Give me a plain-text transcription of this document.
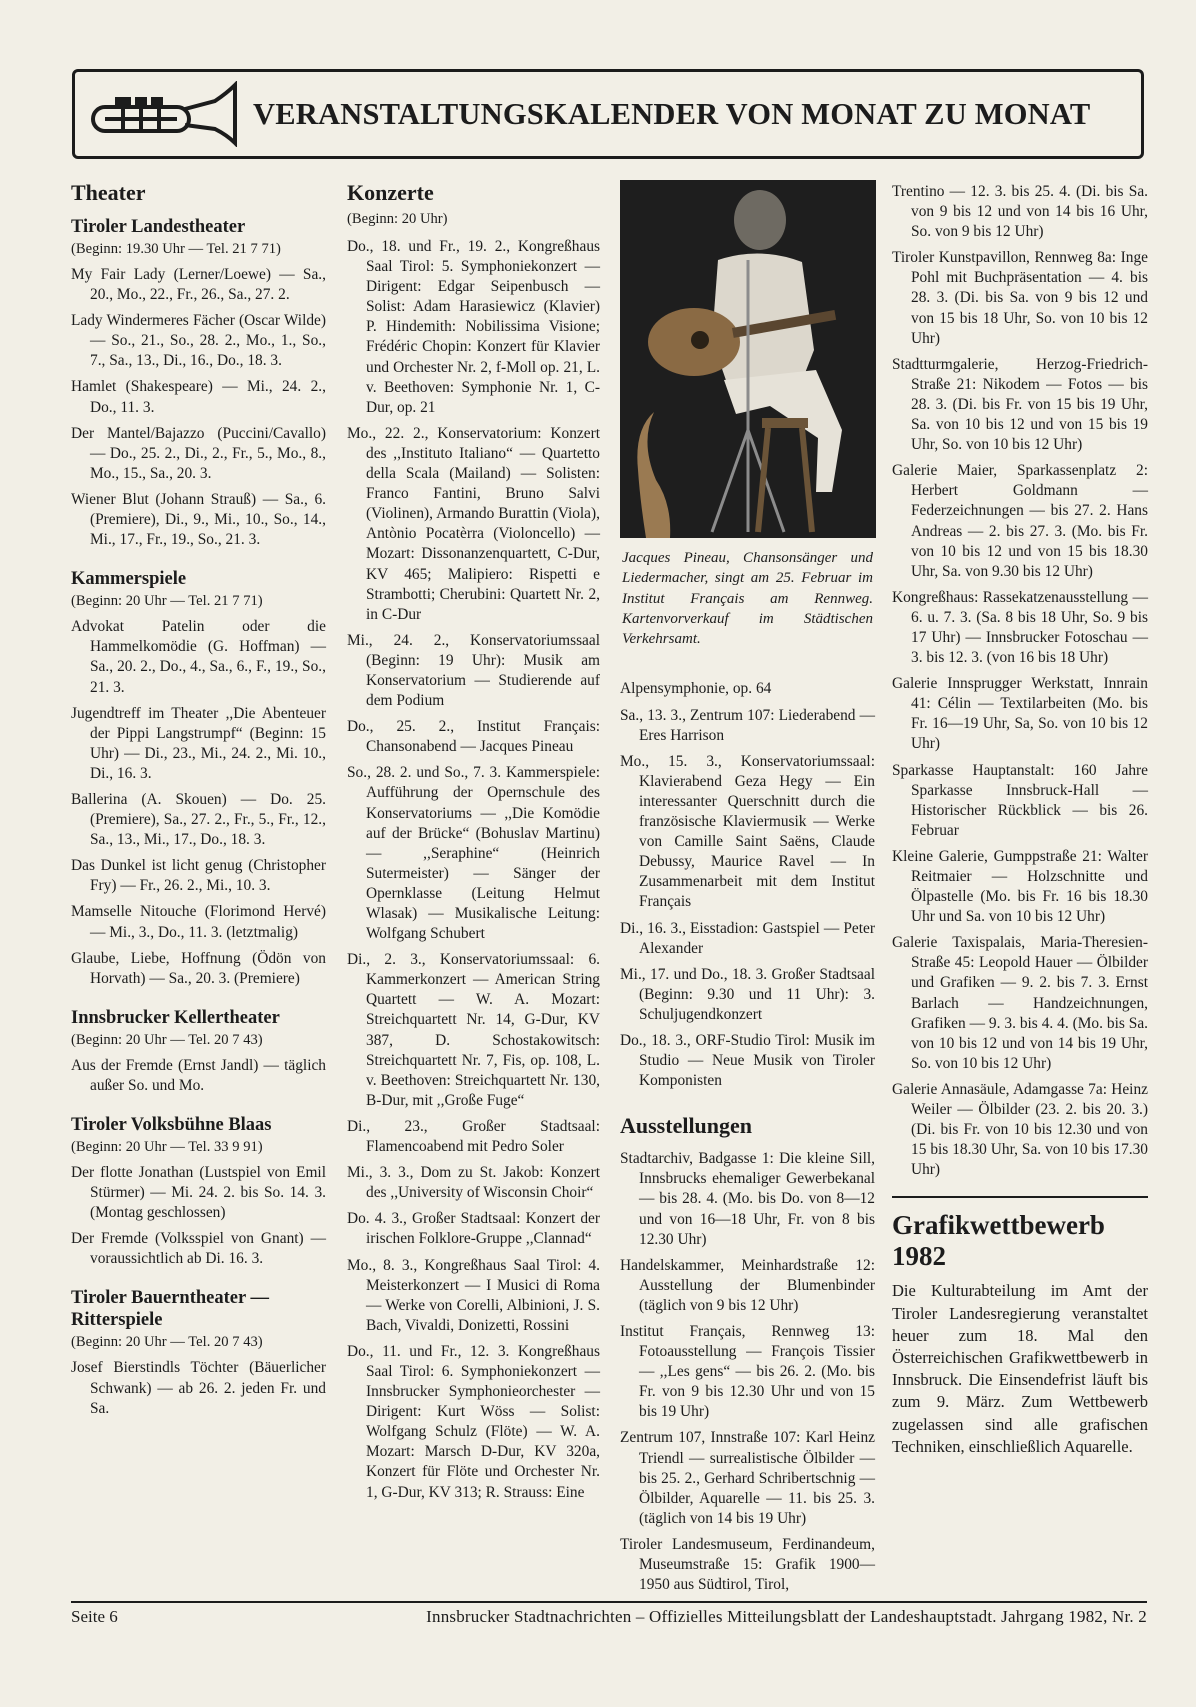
VERANSTALTUNGSKALENDER VON MONAT ZU MONAT
Theater
Tiroler Landestheater
(Beginn: 19.30 Uhr — Tel. 21 7 71)
My Fair Lady (Lerner/Loewe) — Sa., 20., Mo., 22., Fr., 26., Sa., 27. 2.
Lady Windermeres Fächer (Oscar Wilde) — So., 21., So., 28. 2., Mo., 1., So., 7., Sa., 13., Di., 16., Do., 18. 3.
Hamlet (Shakespeare) — Mi., 24. 2., Do., 11. 3.
Der Mantel/Bajazzo (Puccini/Cavallo) — Do., 25. 2., Di., 2., Fr., 5., Mo., 8., Mo., 15., Sa., 20. 3.
Wiener Blut (Johann Strauß) — Sa., 6. (Premiere), Di., 9., Mi., 10., So., 14., Mi., 17., Fr., 19., So., 21. 3.
Kammerspiele
(Beginn: 20 Uhr — Tel. 21 7 71)
Advokat Patelin oder die Hammelkomödie (G. Hoffman) — Sa., 20. 2., Do., 4., Sa., 6., F., 19., So., 21. 3.
Jugendtreff im Theater ,,Die Abenteuer der Pippi Langstrumpf“ (Beginn: 15 Uhr) — Di., 23., Mi., 24. 2., Mi. 10., Di., 16. 3.
Ballerina (A. Skouen) — Do. 25. (Premiere), Sa., 27. 2., Fr., 5., Fr., 12., Sa., 13., Mi., 17., Do., 18. 3.
Das Dunkel ist licht genug (Christopher Fry) — Fr., 26. 2., Mi., 10. 3.
Mamselle Nitouche (Florimond Hervé) — Mi., 3., Do., 11. 3. (letztmalig)
Glaube, Liebe, Hoffnung (Ödön von Horvath) — Sa., 20. 3. (Premiere)
Innsbrucker Kellertheater
(Beginn: 20 Uhr — Tel. 20 7 43)
Aus der Fremde (Ernst Jandl) — täglich außer So. und Mo.
Tiroler Volksbühne Blaas
(Beginn: 20 Uhr — Tel. 33 9 91)
Der flotte Jonathan (Lustspiel von Emil Stürmer) — Mi. 24. 2. bis So. 14. 3. (Montag geschlossen)
Der Fremde (Volksspiel von Gnant) — voraussichtlich ab Di. 16. 3.
Tiroler Bauerntheater — Ritterspiele
(Beginn: 20 Uhr — Tel. 20 7 43)
Josef Bierstindls Töchter (Bäuerlicher Schwank) — ab 26. 2. jeden Fr. und Sa.
Konzerte
(Beginn: 20 Uhr)
Do., 18. und Fr., 19. 2., Kongreßhaus Saal Tirol: 5. Symphoniekonzert — Dirigent: Edgar Seipenbusch — Solist: Adam Harasiewicz (Klavier) P. Hindemith: Nobilissima Visione; Frédéric Chopin: Konzert für Klavier und Orchester Nr. 2, f-Moll op. 21, L. v. Beethoven: Symphonie Nr. 1, C-Dur, op. 21
Mo., 22. 2., Konservatorium: Konzert des ,,Instituto Italiano“ — Quartetto della Scala (Mailand) — Solisten: Franco Fantini, Bruno Salvi (Violinen), Armando Burattin (Viola), Antònio Pocatèrra (Violoncello) — Mozart: Dissonanzenquartett, C-Dur, KV 465; Malipiero: Rispetti e Strambotti; Cherubini: Quartett Nr. 2, in C-Dur
Mi., 24. 2., Konservatoriumssaal (Beginn: 19 Uhr): Musik am Konservatorium — Studierende auf dem Podium
Do., 25. 2., Institut Français: Chansonabend — Jacques Pineau
So., 28. 2. und So., 7. 3. Kammerspiele: Aufführung der Opernschule des Konservatoriums — ,,Die Komödie auf der Brücke“ (Bohuslav Martinu) — ,,Seraphine“ (Heinrich Sutermeister) — Sänger der Opernklasse (Leitung Helmut Wlasak) — Musikalische Leitung: Wolfgang Schubert
Di., 2. 3., Konservatoriumssaal: 6. Kammerkonzert — American String Quartett — W. A. Mozart: Streichquartett Nr. 14, G-Dur, KV 387, D. Schostakowitsch: Streichquartett Nr. 7, Fis, op. 108, L. v. Beethoven: Streichquartett Nr. 130, B-Dur, mit ,,Große Fuge“
Di., 23., Großer Stadtsaal: Flamencoabend mit Pedro Soler
Mi., 3. 3., Dom zu St. Jakob: Konzert des ,,University of Wisconsin Choir“
Do. 4. 3., Großer Stadtsaal: Konzert der irischen Folklore-Gruppe ,,Clannad“
Mo., 8. 3., Kongreßhaus Saal Tirol: 4. Meisterkonzert — I Musici di Roma — Werke von Corelli, Albinioni, J. S. Bach, Vivaldi, Donizetti, Rossini
Do., 11. und Fr., 12. 3. Kongreßhaus Saal Tirol: 6. Symphoniekonzert — Innsbrucker Symphonieorchester — Dirigent: Kurt Wöss — Solist: Wolfgang Schulz (Flöte) — W. A. Mozart: Marsch D-Dur, KV 320a, Konzert für Flöte und Orchester Nr. 1, G-Dur, KV 313; R. Strauss: Eine
Jacques Pineau, Chansonsänger und Liedermacher, singt am 25. Februar im Institut Français am Rennweg. Kartenvorverkauf im Städtischen Verkehrsamt.
Alpensymphonie, op. 64
Sa., 13. 3., Zentrum 107: Liederabend — Eres Harrison
Mo., 15. 3., Konservatoriumssaal: Klavierabend Geza Hegy — Ein interessanter Querschnitt durch die französische Klaviermusik — Werke von Camille Saint Saëns, Claude Debussy, Maurice Ravel — In Zusammenarbeit mit dem Institut Français
Di., 16. 3., Eisstadion: Gastspiel — Peter Alexander
Mi., 17. und Do., 18. 3. Großer Stadtsaal (Beginn: 9.30 und 11 Uhr): 3. Schuljugendkonzert
Do., 18. 3., ORF-Studio Tirol: Musik im Studio — Neue Musik von Tiroler Komponisten
Ausstellungen
Stadtarchiv, Badgasse 1: Die kleine Sill, Innsbrucks ehemaliger Gewerbekanal — bis 28. 4. (Mo. bis Do. von 8—12 und von 16—18 Uhr, Fr. von 8 bis 12.30 Uhr)
Handelskammer, Meinhardstraße 12: Ausstellung der Blumenbinder (täglich von 9 bis 12 Uhr)
Institut Français, Rennweg 13: Fotoausstellung — François Tissier — ,,Les gens“ — bis 26. 2. (Mo. bis Fr. von 9 bis 12.30 Uhr und von 15 bis 19 Uhr)
Zentrum 107, Innstraße 107: Karl Heinz Triendl — surrealistische Ölbilder — bis 25. 2., Gerhard Schribertschnig — Ölbilder, Aquarelle — 11. bis 25. 3. (täglich von 14 bis 19 Uhr)
Tiroler Landesmuseum, Ferdinandeum, Museumstraße 15: Grafik 1900—1950 aus Südtirol, Tirol,
Trentino — 12. 3. bis 25. 4. (Di. bis Sa. von 9 bis 12 und von 14 bis 16 Uhr, So. von 9 bis 12 Uhr)
Tiroler Kunstpavillon, Rennweg 8a: Inge Pohl mit Buchpräsentation — 4. bis 28. 3. (Di. bis Sa. von 9 bis 12 und von 15 bis 18 Uhr, So. von 10 bis 12 Uhr)
Stadtturmgalerie, Herzog-Friedrich-Straße 21: Nikodem — Fotos — bis 28. 3. (Di. bis Fr. von 15 bis 19 Uhr, Sa. von 10 bis 12 und von 15 bis 19 Uhr, So. von 10 bis 12 Uhr)
Galerie Maier, Sparkassenplatz 2: Herbert Goldmann — Federzeichnungen — bis 27. 2. Hans Andreas — 2. bis 27. 3. (Mo. bis Fr. von 10 bis 12 und von 15 bis 18.30 Uhr, Sa. von 9.30 bis 12 Uhr)
Kongreßhaus: Rassekatzenausstellung — 6. u. 7. 3. (Sa. 8 bis 18 Uhr, So. 9 bis 17 Uhr) — Innsbrucker Fotoschau — 3. bis 12. 3. (von 16 bis 18 Uhr)
Galerie Innsprugger Werkstatt, Innrain 41: Célin — Textilarbeiten (Mo. bis Fr. 16—19 Uhr, Sa, So. von 10 bis 12 Uhr)
Sparkasse Hauptanstalt: 160 Jahre Sparkasse Innsbruck-Hall —Historischer Rückblick — bis 26. Februar
Kleine Galerie, Gumppstraße 21: Walter Reitmaier — Holzschnitte und Ölpastelle (Mo. bis Fr. 16 bis 18.30 Uhr und Sa. von 10 bis 12 Uhr)
Galerie Taxispalais, Maria-Theresien-Straße 45: Leopold Hauer — Ölbilder und Grafiken — 9. 2. bis 7. 3. Ernst Barlach — Handzeichnungen, Grafiken — 9. 3. bis 4. 4. (Mo. bis Sa. von 10 bis 12 und von 14 bis 19 Uhr, So. von 10 bis 12 Uhr)
Galerie Annasäule, Adamgasse 7a: Heinz Weiler — Ölbilder (23. 2. bis 20. 3.) (Di. bis Fr. von 10 bis 12.30 und von 15 bis 18.30 Uhr, Sa. von 10 bis 17.30 Uhr)
Grafikwettbewerb 1982

Die Kulturabteilung im Amt der Tiroler Landesregierung veranstaltet heuer zum 18. Mal den Österreichischen Grafikwettbewerb in Innsbruck. Die Einsendefrist läuft bis zum 9. März. Zum Wettbewerb zugelassen sind alle grafischen Techniken, einschließlich Aquarelle.

Seite 6	Innsbrucker Stadtnachrichten – Offizielles Mitteilungsblatt der Landeshauptstadt. Jahrgang 1982, Nr. 2
